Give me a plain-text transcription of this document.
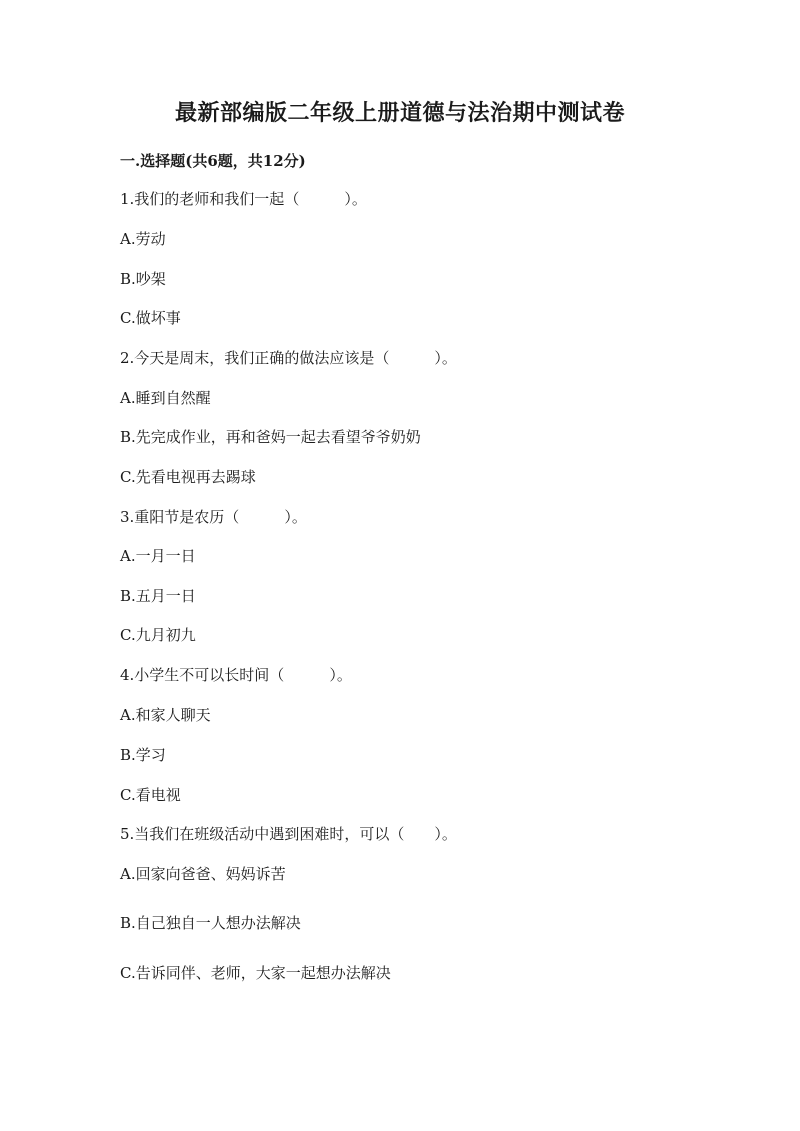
最新部编版二年级上册道德与法治期中测试卷
一.选择题(共6题，共12分)
1.我们的老师和我们一起（　　　）。
A.劳动
B.吵架
C.做坏事
2.今天是周末，我们正确的做法应该是（　　　）。
A.睡到自然醒
B.先完成作业，再和爸妈一起去看望爷爷奶奶
C.先看电视再去踢球
3.重阳节是农历（　　　）。
A.一月一日
B.五月一日
C.九月初九
4.小学生不可以长时间（　　　）。
A.和家人聊天
B.学习
C.看电视
5.当我们在班级活动中遇到困难时，可以（　　）。
A.回家向爸爸、妈妈诉苦
B.自己独自一人想办法解决
C.告诉同伴、老师，大家一起想办法解决
